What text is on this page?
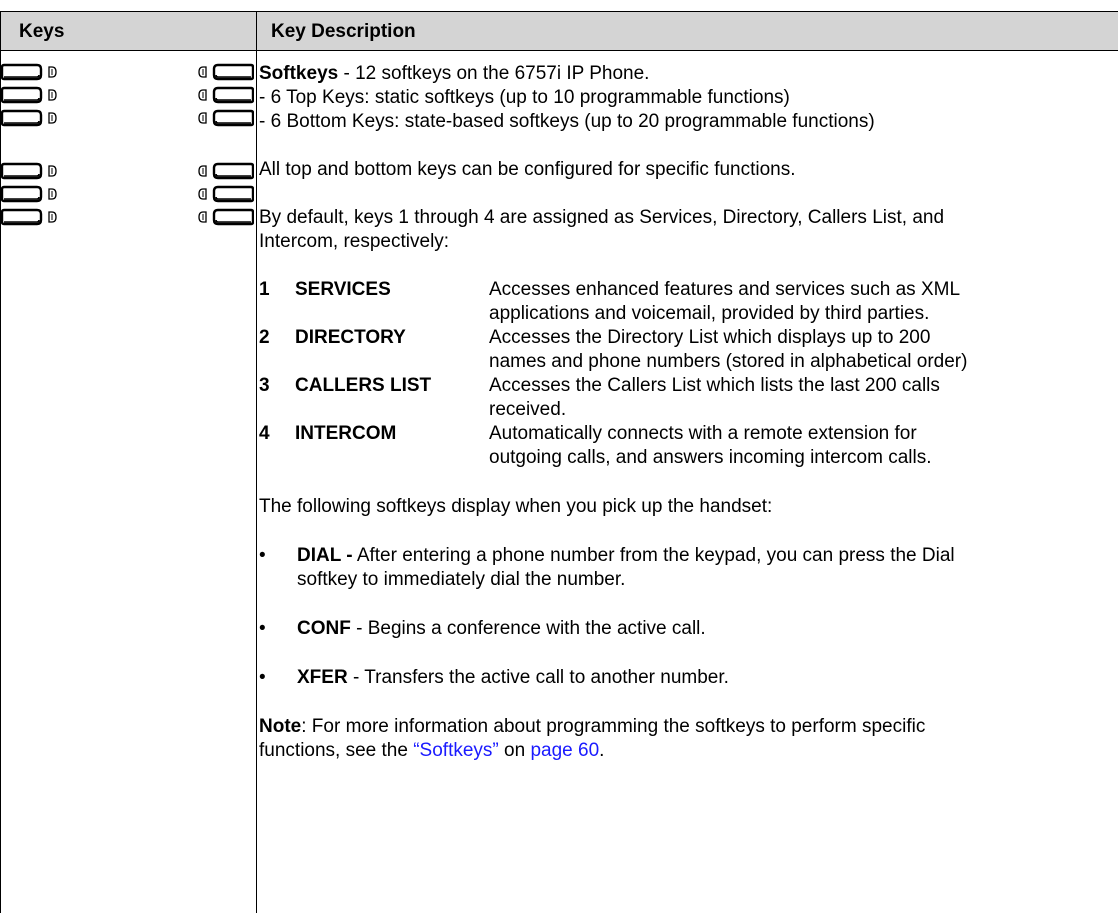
Keys	Key Description
Softkeys - 12 softkeys on the 6757i IP Phone.
- 6 Top Keys: static softkeys (up to 10 programmable functions)
- 6 Bottom Keys: state-based softkeys (up to 20 programmable functions)
All top and bottom keys can be configured for specific functions.
By default, keys 1 through 4 are assigned as Services, Directory, Callers List, and
Intercom, respectively:
1 SERVICES	Accesses enhanced features and services such as XML
applications and voicemail, provided by third parties.
2 DIRECTORY	Accesses the Directory List which displays up to 200
names and phone numbers (stored in alphabetical order)
3 CALLERS LIST	Accesses the Callers List which lists the last 200 calls
received.
4 INTERCOM	Automatically connects with a remote extension for
outgoing calls, and answers incoming intercom calls.
The following softkeys display when you pick up the handset:
• DIAL - After entering a phone number from the keypad, you can press the Dial
softkey to immediately dial the number.
• CONF - Begins a conference with the active call.
• XFER - Transfers the active call to another number.
Note: For more information about programming the softkeys to perform specific
functions, see the “Softkeys” on page 60.
